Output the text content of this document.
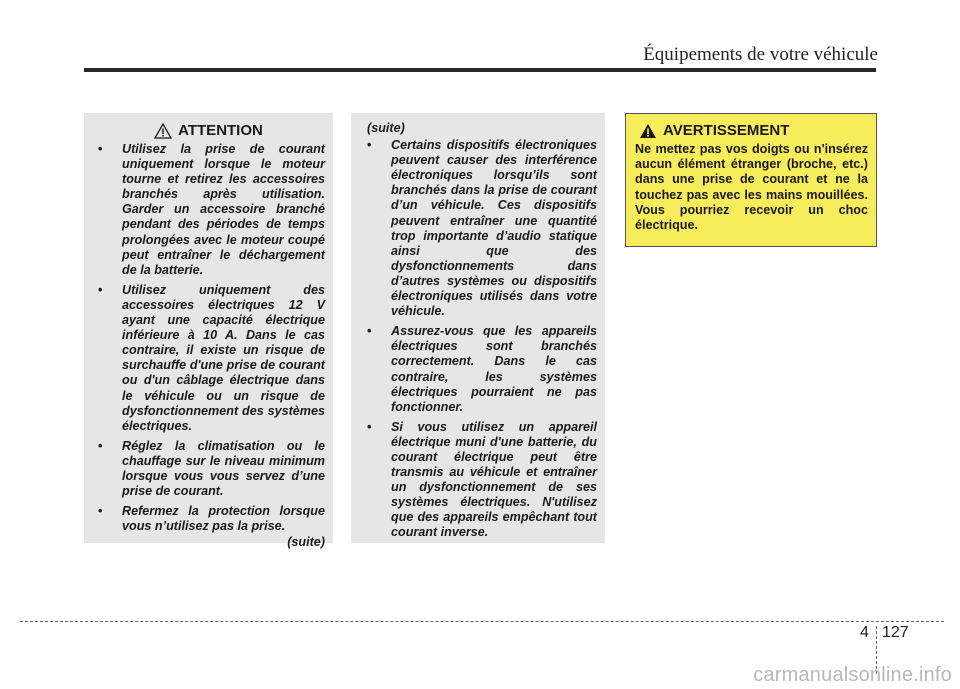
Équipements de votre véhicule
ATTENTION
• Utilisez la prise de courant uniquement lorsque le moteur tourne et retirez les accessoires branchés après utilisation. Garder un accessoire branché pendant des périodes de temps prolongées avec le moteur coupé peut entraîner le déchargement de la batterie.
• Utilisez uniquement des accessoires électriques 12 V ayant une capacité électrique inférieure à 10 A. Dans le cas contraire, il existe un risque de surchauffe d'une prise de courant ou d'un câblage électrique dans le véhicule ou un risque de dysfonctionnement des systèmes électriques.
• Réglez la climatisation ou le chauffage sur le niveau minimum lorsque vous vous servez d’une prise de courant.
• Refermez la protection lorsque vous n’utilisez pas la prise.
(suite)
(suite)
• Certains dispositifs électroniques peuvent causer des interférence électroniques lorsqu’ils sont branchés dans la prise de courant d’un véhicule. Ces dispositifs peuvent entraîner une quantité trop importante d’audio statique ainsi que des dysfonctionnements dans d’autres systèmes ou dispositifs électroniques utilisés dans votre véhicule.
• Assurez-vous que les appareils électriques sont branchés correctement. Dans le cas contraire, les systèmes électriques pourraient ne pas fonctionner.
• Si vous utilisez un appareil électrique muni d'une batterie, du courant électrique peut être transmis au véhicule et entraîner un dysfonctionnement de ses systèmes électriques. N'utilisez que des appareils empêchant tout courant inverse.
AVERTISSEMENT
Ne mettez pas vos doigts ou n'insérez aucun élément étranger (broche, etc.) dans une prise de courant et ne la touchez pas avec les mains mouillées. Vous pourriez recevoir un choc électrique.
4 127
carmanualsonline.info
